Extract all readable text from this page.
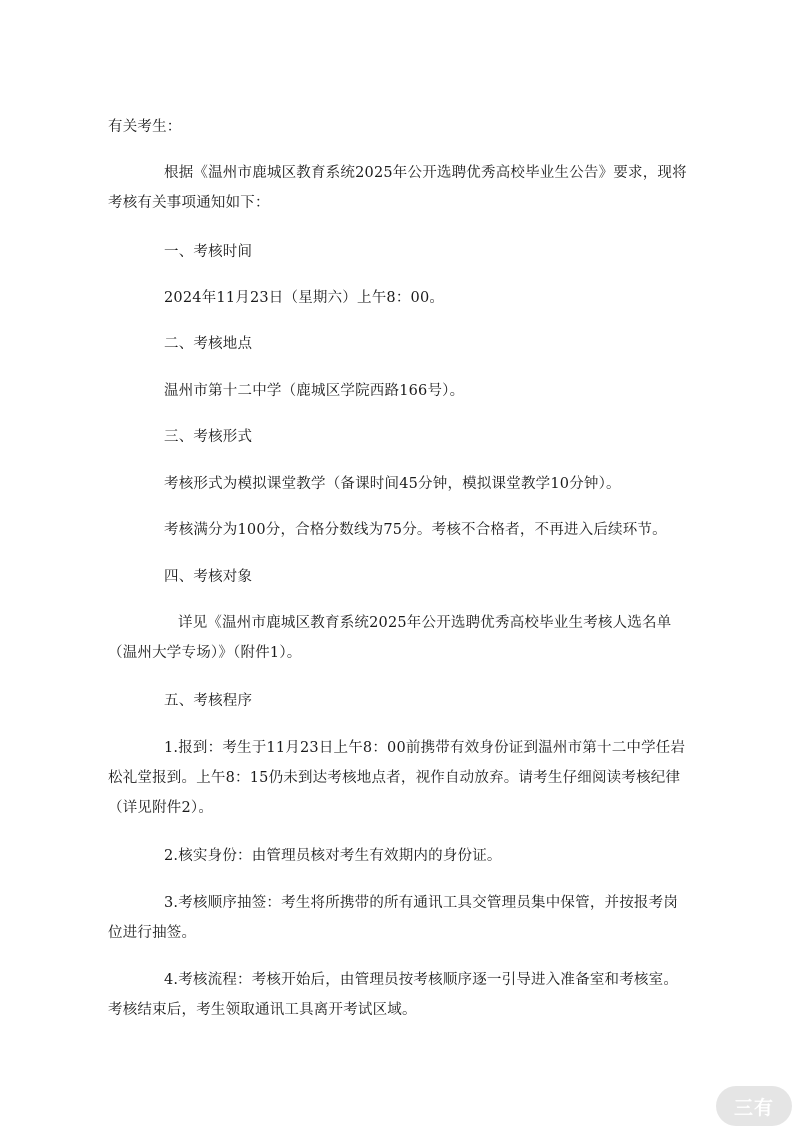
有关考生：

根据《温州市鹿城区教育系统2025年公开选聘优秀高校毕业生公告》要求，现将考核有关事项通知如下：

一、考核时间

2024年11月23日（星期六）上午8：00。

二、考核地点

温州市第十二中学（鹿城区学院西路166号）。

三、考核形式

考核形式为模拟课堂教学（备课时间45分钟，模拟课堂教学10分钟）。

考核满分为100分，合格分数线为75分。考核不合格者，不再进入后续环节。

四、考核对象

详见《温州市鹿城区教育系统2025年公开选聘优秀高校毕业生考核人选名单（温州大学专场）》（附件1）。

五、考核程序

1.报到：考生于11月23日上午8：00前携带有效身份证到温州市第十二中学任岩松礼堂报到。上午8：15仍未到达考核地点者，视作自动放弃。请考生仔细阅读考核纪律（详见附件2）。

2.核实身份：由管理员核对考生有效期内的身份证。

3.考核顺序抽签：考生将所携带的所有通讯工具交管理员集中保管，并按报考岗位进行抽签。

4.考核流程：考核开始后，由管理员按考核顺序逐一引导进入准备室和考核室。考核结束后，考生领取通讯工具离开考试区域。

三有
